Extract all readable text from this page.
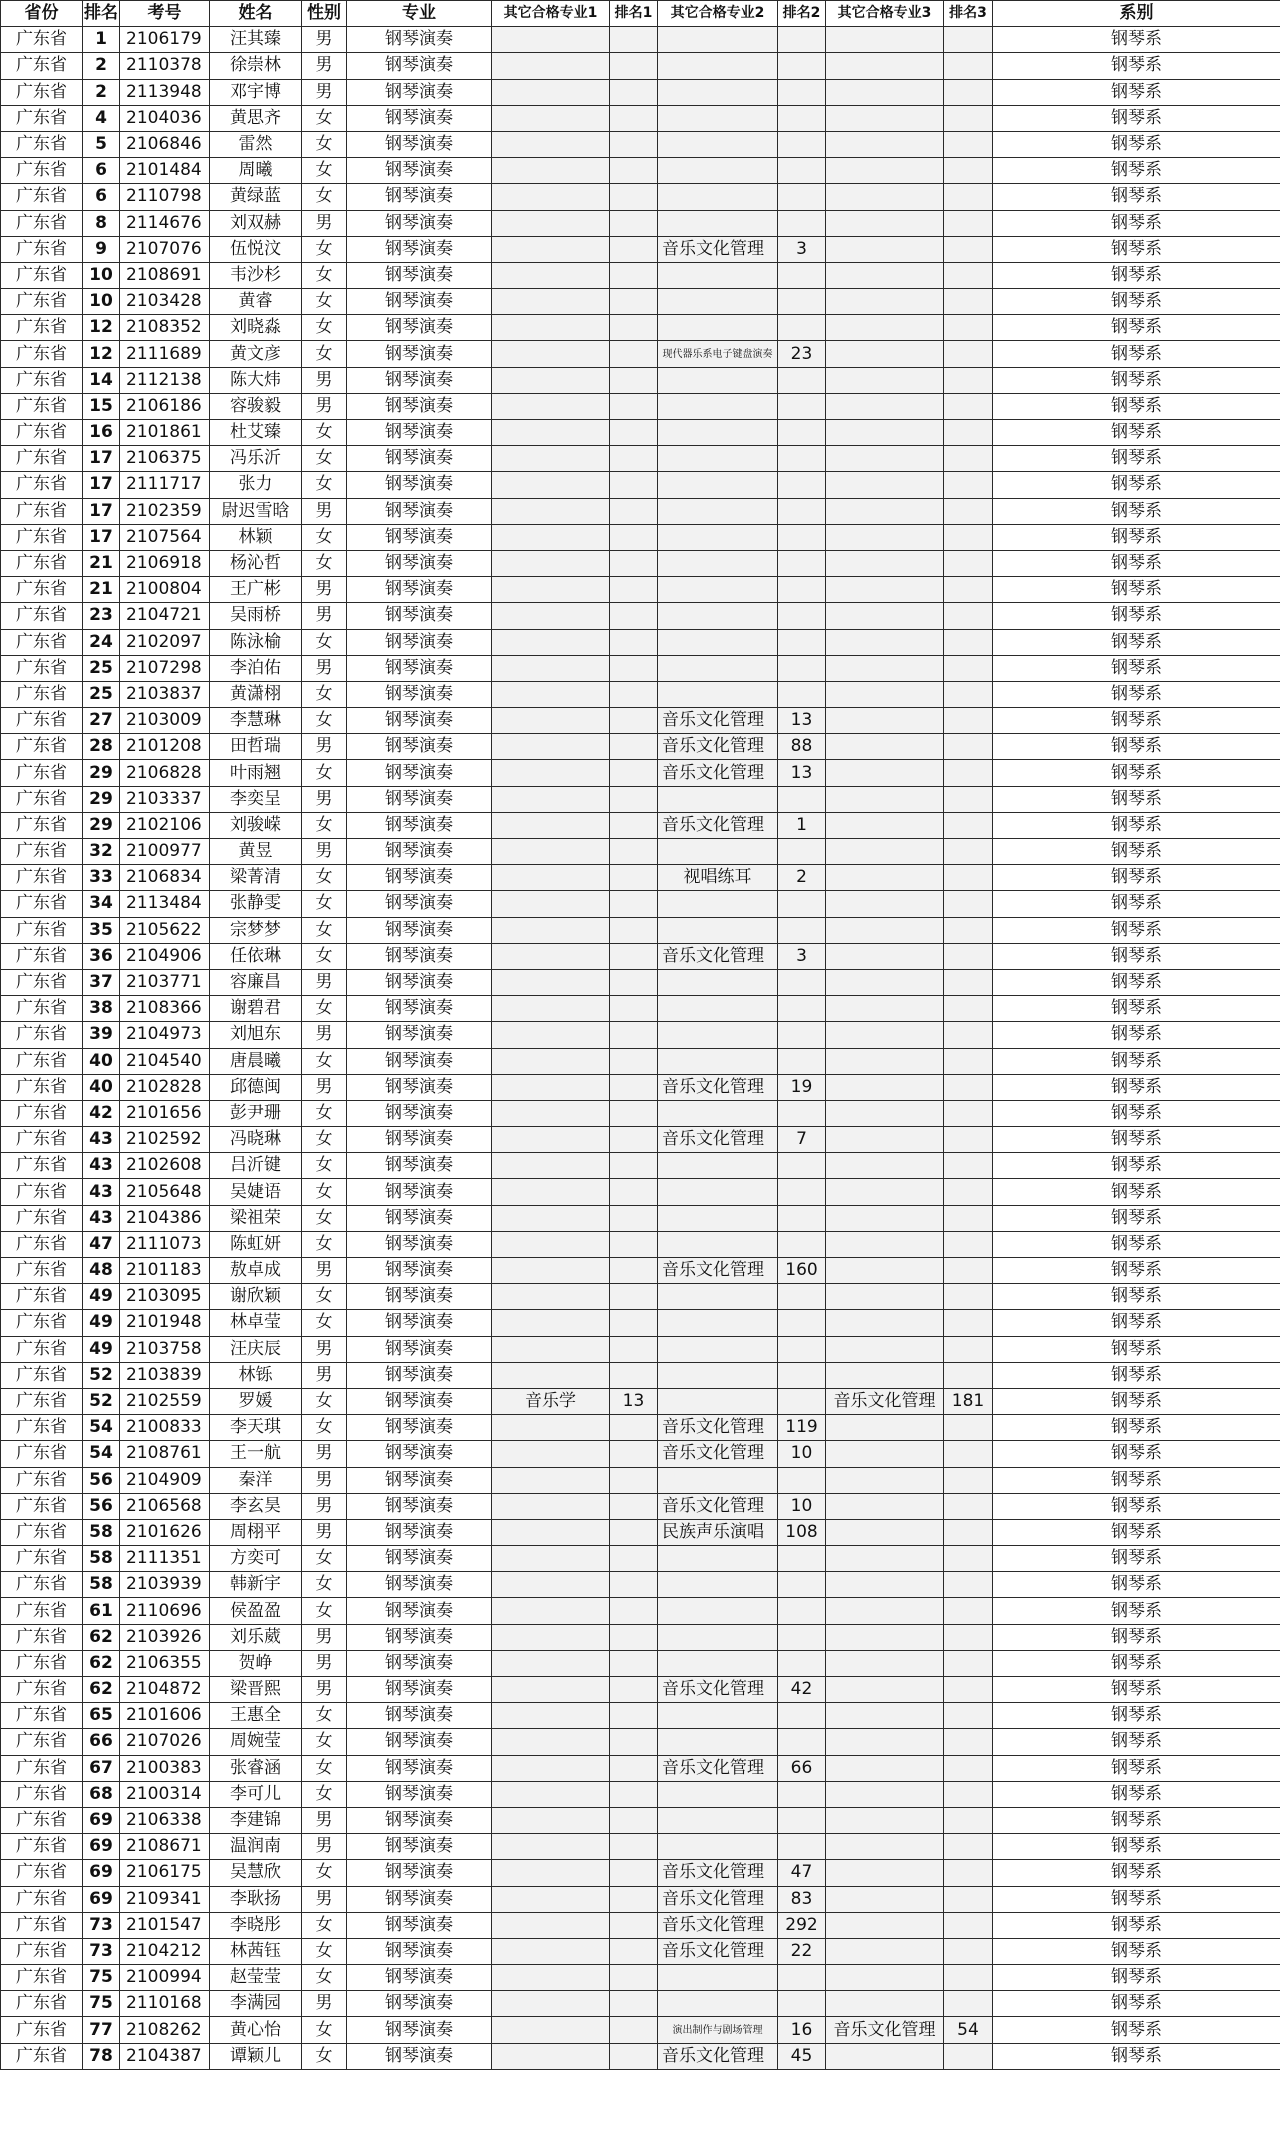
省份	排名	考号	姓名	性别	专业	其它合格专业1	排名1	其它合格专业2	排名2	其它合格专业3	排名3	系别
广东省	1	2106179	汪其臻	男	钢琴演奏							钢琴系
广东省	2	2110378	徐崇林	男	钢琴演奏							钢琴系
广东省	2	2113948	邓宇博	男	钢琴演奏							钢琴系
广东省	4	2104036	黄思齐	女	钢琴演奏							钢琴系
广东省	5	2106846	雷然	女	钢琴演奏							钢琴系
广东省	6	2101484	周曦	女	钢琴演奏							钢琴系
广东省	6	2110798	黄绿蓝	女	钢琴演奏							钢琴系
广东省	8	2114676	刘双赫	男	钢琴演奏							钢琴系
广东省	9	2107076	伍悦汶	女	钢琴演奏			音乐文化管理	3			钢琴系
广东省	10	2108691	韦沙杉	女	钢琴演奏							钢琴系
广东省	10	2103428	黄睿	女	钢琴演奏							钢琴系
广东省	12	2108352	刘晓淼	女	钢琴演奏							钢琴系
广东省	12	2111689	黄文彦	女	钢琴演奏			现代器乐系电子键盘演奏	23			钢琴系
广东省	14	2112138	陈大炜	男	钢琴演奏							钢琴系
广东省	15	2106186	容骏毅	男	钢琴演奏							钢琴系
广东省	16	2101861	杜艾臻	女	钢琴演奏							钢琴系
广东省	17	2106375	冯乐沂	女	钢琴演奏							钢琴系
广东省	17	2111717	张力	女	钢琴演奏							钢琴系
广东省	17	2102359	尉迟雪晗	男	钢琴演奏							钢琴系
广东省	17	2107564	林颖	女	钢琴演奏							钢琴系
广东省	21	2106918	杨沁哲	女	钢琴演奏							钢琴系
广东省	21	2100804	王广彬	男	钢琴演奏							钢琴系
广东省	23	2104721	吴雨桥	男	钢琴演奏							钢琴系
广东省	24	2102097	陈泳榆	女	钢琴演奏							钢琴系
广东省	25	2107298	李泊佑	男	钢琴演奏							钢琴系
广东省	25	2103837	黄潇栩	女	钢琴演奏							钢琴系
广东省	27	2103009	李慧琳	女	钢琴演奏			音乐文化管理	13			钢琴系
广东省	28	2101208	田哲瑞	男	钢琴演奏			音乐文化管理	88			钢琴系
广东省	29	2106828	叶雨翘	女	钢琴演奏			音乐文化管理	13			钢琴系
广东省	29	2103337	李奕呈	男	钢琴演奏							钢琴系
广东省	29	2102106	刘骏嵘	女	钢琴演奏			音乐文化管理	1			钢琴系
广东省	32	2100977	黄昱	男	钢琴演奏							钢琴系
广东省	33	2106834	梁菁清	女	钢琴演奏			视唱练耳	2			钢琴系
广东省	34	2113484	张静雯	女	钢琴演奏							钢琴系
广东省	35	2105622	宗梦梦	女	钢琴演奏							钢琴系
广东省	36	2104906	任依琳	女	钢琴演奏			音乐文化管理	3			钢琴系
广东省	37	2103771	容廉昌	男	钢琴演奏							钢琴系
广东省	38	2108366	谢碧君	女	钢琴演奏							钢琴系
广东省	39	2104973	刘旭东	男	钢琴演奏							钢琴系
广东省	40	2104540	唐晨曦	女	钢琴演奏							钢琴系
广东省	40	2102828	邱德闽	男	钢琴演奏			音乐文化管理	19			钢琴系
广东省	42	2101656	彭尹珊	女	钢琴演奏							钢琴系
广东省	43	2102592	冯晓琳	女	钢琴演奏			音乐文化管理	7			钢琴系
广东省	43	2102608	吕沂键	女	钢琴演奏							钢琴系
广东省	43	2105648	吴婕语	女	钢琴演奏							钢琴系
广东省	43	2104386	梁祖荣	女	钢琴演奏							钢琴系
广东省	47	2111073	陈虹妍	女	钢琴演奏							钢琴系
广东省	48	2101183	敖卓成	男	钢琴演奏			音乐文化管理	160			钢琴系
广东省	49	2103095	谢欣颖	女	钢琴演奏							钢琴系
广东省	49	2101948	林卓莹	女	钢琴演奏							钢琴系
广东省	49	2103758	汪庆辰	男	钢琴演奏							钢琴系
广东省	52	2103839	林铄	男	钢琴演奏							钢琴系
广东省	52	2102559	罗媛	女	钢琴演奏	音乐学	13			音乐文化管理	181	钢琴系
广东省	54	2100833	李天琪	女	钢琴演奏			音乐文化管理	119			钢琴系
广东省	54	2108761	王一航	男	钢琴演奏			音乐文化管理	10			钢琴系
广东省	56	2104909	秦洋	男	钢琴演奏							钢琴系
广东省	56	2106568	李玄昊	男	钢琴演奏			音乐文化管理	10			钢琴系
广东省	58	2101626	周栩平	男	钢琴演奏			民族声乐演唱	108			钢琴系
广东省	58	2111351	方奕可	女	钢琴演奏							钢琴系
广东省	58	2103939	韩新宇	女	钢琴演奏							钢琴系
广东省	61	2110696	侯盈盈	女	钢琴演奏							钢琴系
广东省	62	2103926	刘乐葳	男	钢琴演奏							钢琴系
广东省	62	2106355	贺峥	男	钢琴演奏							钢琴系
广东省	62	2104872	梁晋熙	男	钢琴演奏			音乐文化管理	42			钢琴系
广东省	65	2101606	王惠全	女	钢琴演奏							钢琴系
广东省	66	2107026	周婉莹	女	钢琴演奏							钢琴系
广东省	67	2100383	张睿涵	女	钢琴演奏			音乐文化管理	66			钢琴系
广东省	68	2100314	李可儿	女	钢琴演奏							钢琴系
广东省	69	2106338	李建锦	男	钢琴演奏							钢琴系
广东省	69	2108671	温润南	男	钢琴演奏							钢琴系
广东省	69	2106175	吴慧欣	女	钢琴演奏			音乐文化管理	47			钢琴系
广东省	69	2109341	李耿扬	男	钢琴演奏			音乐文化管理	83			钢琴系
广东省	73	2101547	李晓彤	女	钢琴演奏			音乐文化管理	292			钢琴系
广东省	73	2104212	林茜钰	女	钢琴演奏			音乐文化管理	22			钢琴系
广东省	75	2100994	赵莹莹	女	钢琴演奏							钢琴系
广东省	75	2110168	李满园	男	钢琴演奏							钢琴系
广东省	77	2108262	黄心怡	女	钢琴演奏			演出制作与剧场管理	16	音乐文化管理	54	钢琴系
广东省	78	2104387	谭颖儿	女	钢琴演奏			音乐文化管理	45			钢琴系
